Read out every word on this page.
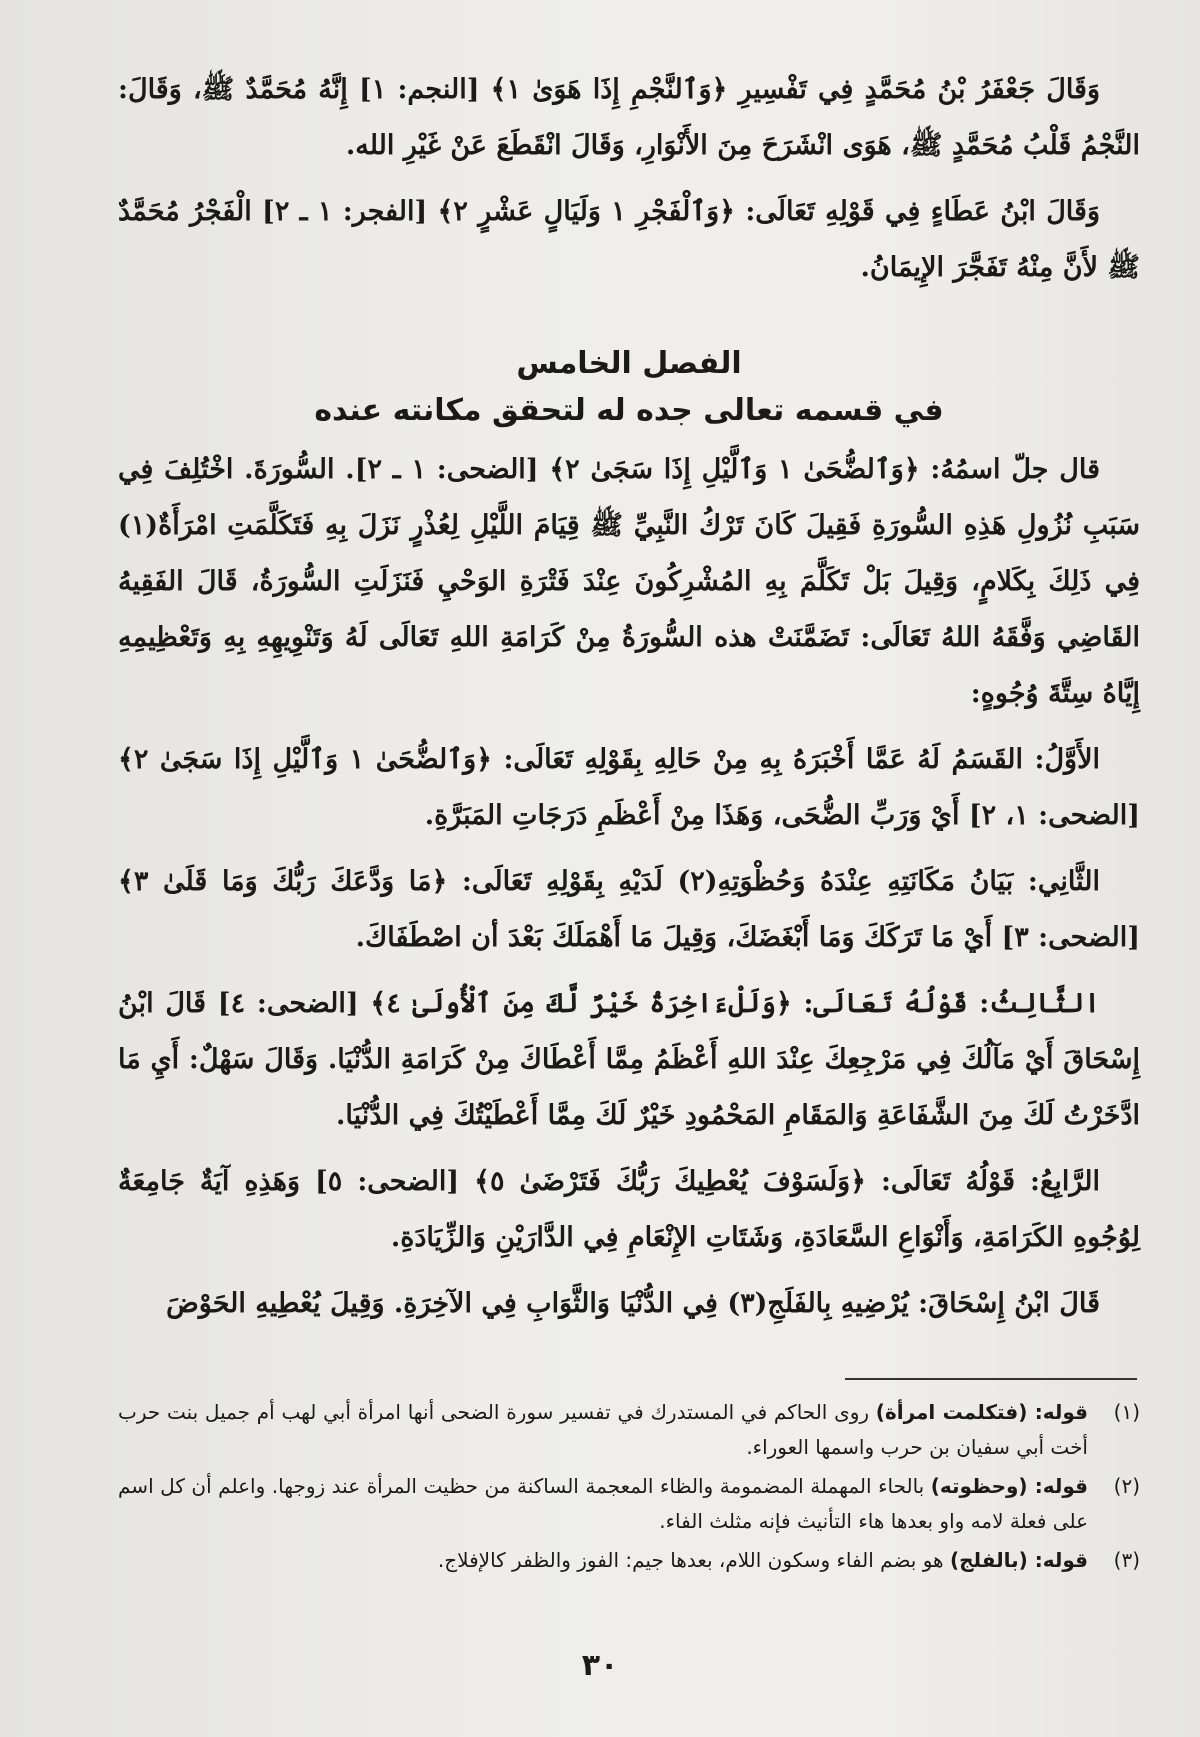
وَقَالَ جَعْفَرُ بْنُ مُحَمَّدٍ فِي تَفْسِيرِ ﴿وَٱلنَّجْمِ إِذَا هَوَىٰ ١﴾ [النجم: ١] إِنَّهُ مُحَمَّدٌ ﷺ، وَقَالَ: النَّجْمُ قَلْبُ مُحَمَّدٍ ﷺ، هَوَى انْشَرَحَ مِنَ الأَنْوَارِ، وَقَالَ انْقَطَعَ عَنْ غَيْرِ الله.

وَقَالَ ابْنُ عَطَاءٍ فِي قَوْلِهِ تَعَالَى: ﴿وَٱلْفَجْرِ ١ وَلَيَالٍ عَشْرٍ ٢﴾ [الفجر: ١ ـ ٢] الْفَجْرُ مُحَمَّدٌ ﷺ لأَنَّ مِنْهُ تَفَجَّرَ الإِيمَانُ.

الفصل الخامس
في قسمه تعالى جده له لتحقق مكانته عنده

قال جلّ اسمُهُ: ﴿وَٱلضُّحَىٰ ١ وَٱلَّيْلِ إِذَا سَجَىٰ ٢﴾ [الضحى: ١ ـ ٢]. السُّورَةَ. اخْتُلِفَ فِي سَبَبِ نُزُولِ هَذِهِ السُّورَةِ فَقِيلَ كَانَ تَرْكُ النَّبِيِّ ﷺ قِيَامَ اللَّيْلِ لِعُذْرٍ نَزَلَ بِهِ فَتَكَلَّمَتِ امْرَأَةٌ(١) فِي ذَلِكَ بِكَلامٍ، وَقِيلَ بَلْ تَكَلَّمَ بِهِ المُشْرِكُونَ عِنْدَ فَتْرَةِ الوَحْيِ فَنَزَلَتِ السُّورَةُ، قَالَ الفَقِيهُ القَاضِي وَفَّقَهُ اللهُ تَعَالَى: تَضَمَّنَتْ هذه السُّورَةُ مِنْ كَرَامَةِ اللهِ تَعَالَى لَهُ وَتَنْوِيهِهِ بِهِ وَتَعْظِيمِهِ إِيَّاهُ سِتَّةَ وُجُوهٍ:

الأَوَّلُ: القَسَمُ لَهُ عَمَّا أَخْبَرَهُ بِهِ مِنْ حَالِهِ بِقَوْلِهِ تَعَالَى: ﴿وَٱلضُّحَىٰ ١ وَٱلَّيْلِ إِذَا سَجَىٰ ٢﴾ [الضحى: ١، ٢] أَيْ وَرَبِّ الضُّحَى، وَهَذَا مِنْ أَعْظَمِ دَرَجَاتِ المَبَرَّةِ.

الثَّانِي: بَيَانُ مَكَانَتِهِ عِنْدَهُ وَحُظْوَتِهِ(٢) لَدَيْهِ بِقَوْلِهِ تَعَالَى: ﴿مَا وَدَّعَكَ رَبُّكَ وَمَا قَلَىٰ ٣﴾ [الضحى: ٣] أَيْ مَا تَرَكَكَ وَمَا أَبْغَضَكَ، وَقِيلَ مَا أَهْمَلَكَ بَعْدَ أن اصْطَفَاكَ.

الثَّالِثُ: قَوْلُهُ تَعَالَى: ﴿وَلَلْءَاخِرَةُ خَيْرٌ لَّكَ مِنَ ٱلْأُولَىٰ ٤﴾ [الضحى: ٤] قَالَ ابْنُ إِسْحَاقَ أَيْ مَآلُكَ فِي مَرْجِعِكَ عِنْدَ اللهِ أَعْظَمُ مِمَّا أَعْطَاكَ مِنْ كَرَامَةِ الدُّنْيَا. وَقَالَ سَهْلٌ: أَيِ مَا ادَّخَرْتُ لَكَ مِنَ الشَّفَاعَةِ وَالمَقَامِ المَحْمُودِ خَيْرٌ لَكَ مِمَّا أَعْطَيْتُكَ فِي الدُّنْيَا.

الرَّابِعُ: قَوْلُهُ تَعَالَى: ﴿وَلَسَوْفَ يُعْطِيكَ رَبُّكَ فَتَرْضَىٰ ٥﴾ [الضحى: ٥] وَهَذِهِ آيَةٌ جَامِعَةٌ لِوُجُوهِ الكَرَامَةِ، وَأَنْوَاعِ السَّعَادَةِ، وَشَتَاتِ الإِنْعَامِ فِي الدَّارَيْنِ وَالزِّيَادَةِ.

قَالَ ابْنُ إِسْحَاقَ: يُرْضِيهِ بِالفَلَجِ(٣) فِي الدُّنْيَا وَالثَّوَابِ فِي الآخِرَةِ. وَقِيلَ يُعْطِيهِ الحَوْضَ

(١)
قوله: (فتكلمت امرأة) روى الحاكم في المستدرك في تفسير سورة الضحى أنها امرأة أبي لهب أم جميل بنت حرب أخت أبي سفيان بن حرب واسمها العوراء.
(٢)
قوله: (وحظوته) بالحاء المهملة المضمومة والظاء المعجمة الساكنة من حظيت المرأة عند زوجها. واعلم أن كل اسم على فعلة لامه واو بعدها هاء التأنيث فإنه مثلث الفاء.
(٣)
قوله: (بالفلج) هو بضم الفاء وسكون اللام، بعدها جيم: الفوز والظفر كالإفلاج.
٣٠
